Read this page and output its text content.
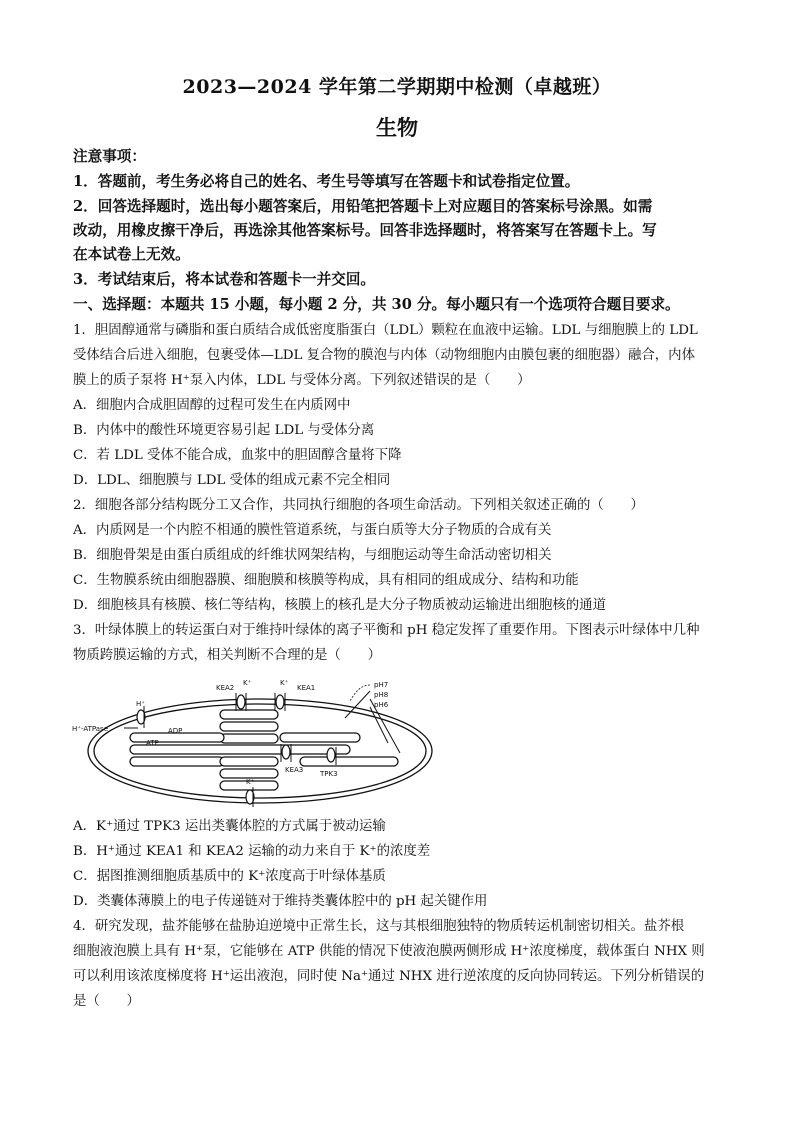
2023—2024 学年第二学期期中检测（卓越班）
生物
注意事项：
1．答题前，考生务必将自己的姓名、考生号等填写在答题卡和试卷指定位置。
2．回答选择题时，选出每小题答案后，用铅笔把答题卡上对应题目的答案标号涂黑。如需
改动，用橡皮擦干净后，再选涂其他答案标号。回答非选择题时，将答案写在答题卡上。写
在本试卷上无效。
3．考试结束后，将本试卷和答题卡一并交回。
一、选择题：本题共 15 小题，每小题 2 分，共 30 分。每小题只有一个选项符合题目要求。
1．胆固醇通常与磷脂和蛋白质结合成低密度脂蛋白（LDL）颗粒在血液中运输。LDL 与细胞膜上的 LDL
受体结合后进入细胞，包裹受体—LDL 复合物的膜泡与内体（动物细胞内由膜包裹的细胞器）融合，内体
膜上的质子泵将 H⁺泵入内体，LDL 与受体分离。下列叙述错误的是（　　）
A．细胞内合成胆固醇的过程可发生在内质网中
B．内体中的酸性环境更容易引起 LDL 与受体分离
C．若 LDL 受体不能合成，血浆中的胆固醇含量将下降
D．LDL、细胞膜与 LDL 受体的组成元素不完全相同
2．细胞各部分结构既分工又合作，共同执行细胞的各项生命活动。下列相关叙述正确的（　　）
A．内质网是一个内腔不相通的膜性管道系统，与蛋白质等大分子物质的合成有关
B．细胞骨架是由蛋白质组成的纤维状网架结构，与细胞运动等生命活动密切相关
C．生物膜系统由细胞器膜、细胞膜和核膜等构成，具有相同的组成成分、结构和功能
D．细胞核具有核膜、核仁等结构，核膜上的核孔是大分子物质被动运输进出细胞核的通道
3．叶绿体膜上的转运蛋白对于维持叶绿体的离子平衡和 pH 稳定发挥了重要作用。下图表示叶绿体中几种
物质跨膜运输的方式，相关判断不合理的是（　　）
KEA2	KEA1
K⁺	K⁺
H⁺
H⁺-ATPase	ADP
ATP
KEA3 TPK3
K⁺
pH7
pH8
pH6
A．K⁺通过 TPK3 运出类囊体腔的方式属于被动运输
B．H⁺通过 KEA1 和 KEA2 运输的动力来自于 K⁺的浓度差
C．据图推测细胞质基质中的 K⁺浓度高于叶绿体基质
D．类囊体薄膜上的电子传递链对于维持类囊体腔中的 pH 起关键作用
4．研究发现，盐芥能够在盐胁迫逆境中正常生长，这与其根细胞独特的物质转运机制密切相关。盐芥根
细胞液泡膜上具有 H⁺泵，它能够在 ATP 供能的情况下使液泡膜两侧形成 H⁺浓度梯度，载体蛋白 NHX 则
可以利用该浓度梯度将 H⁺运出液泡，同时使 Na⁺通过 NHX 进行逆浓度的反向协同转运。下列分析错误的
是（　　）
